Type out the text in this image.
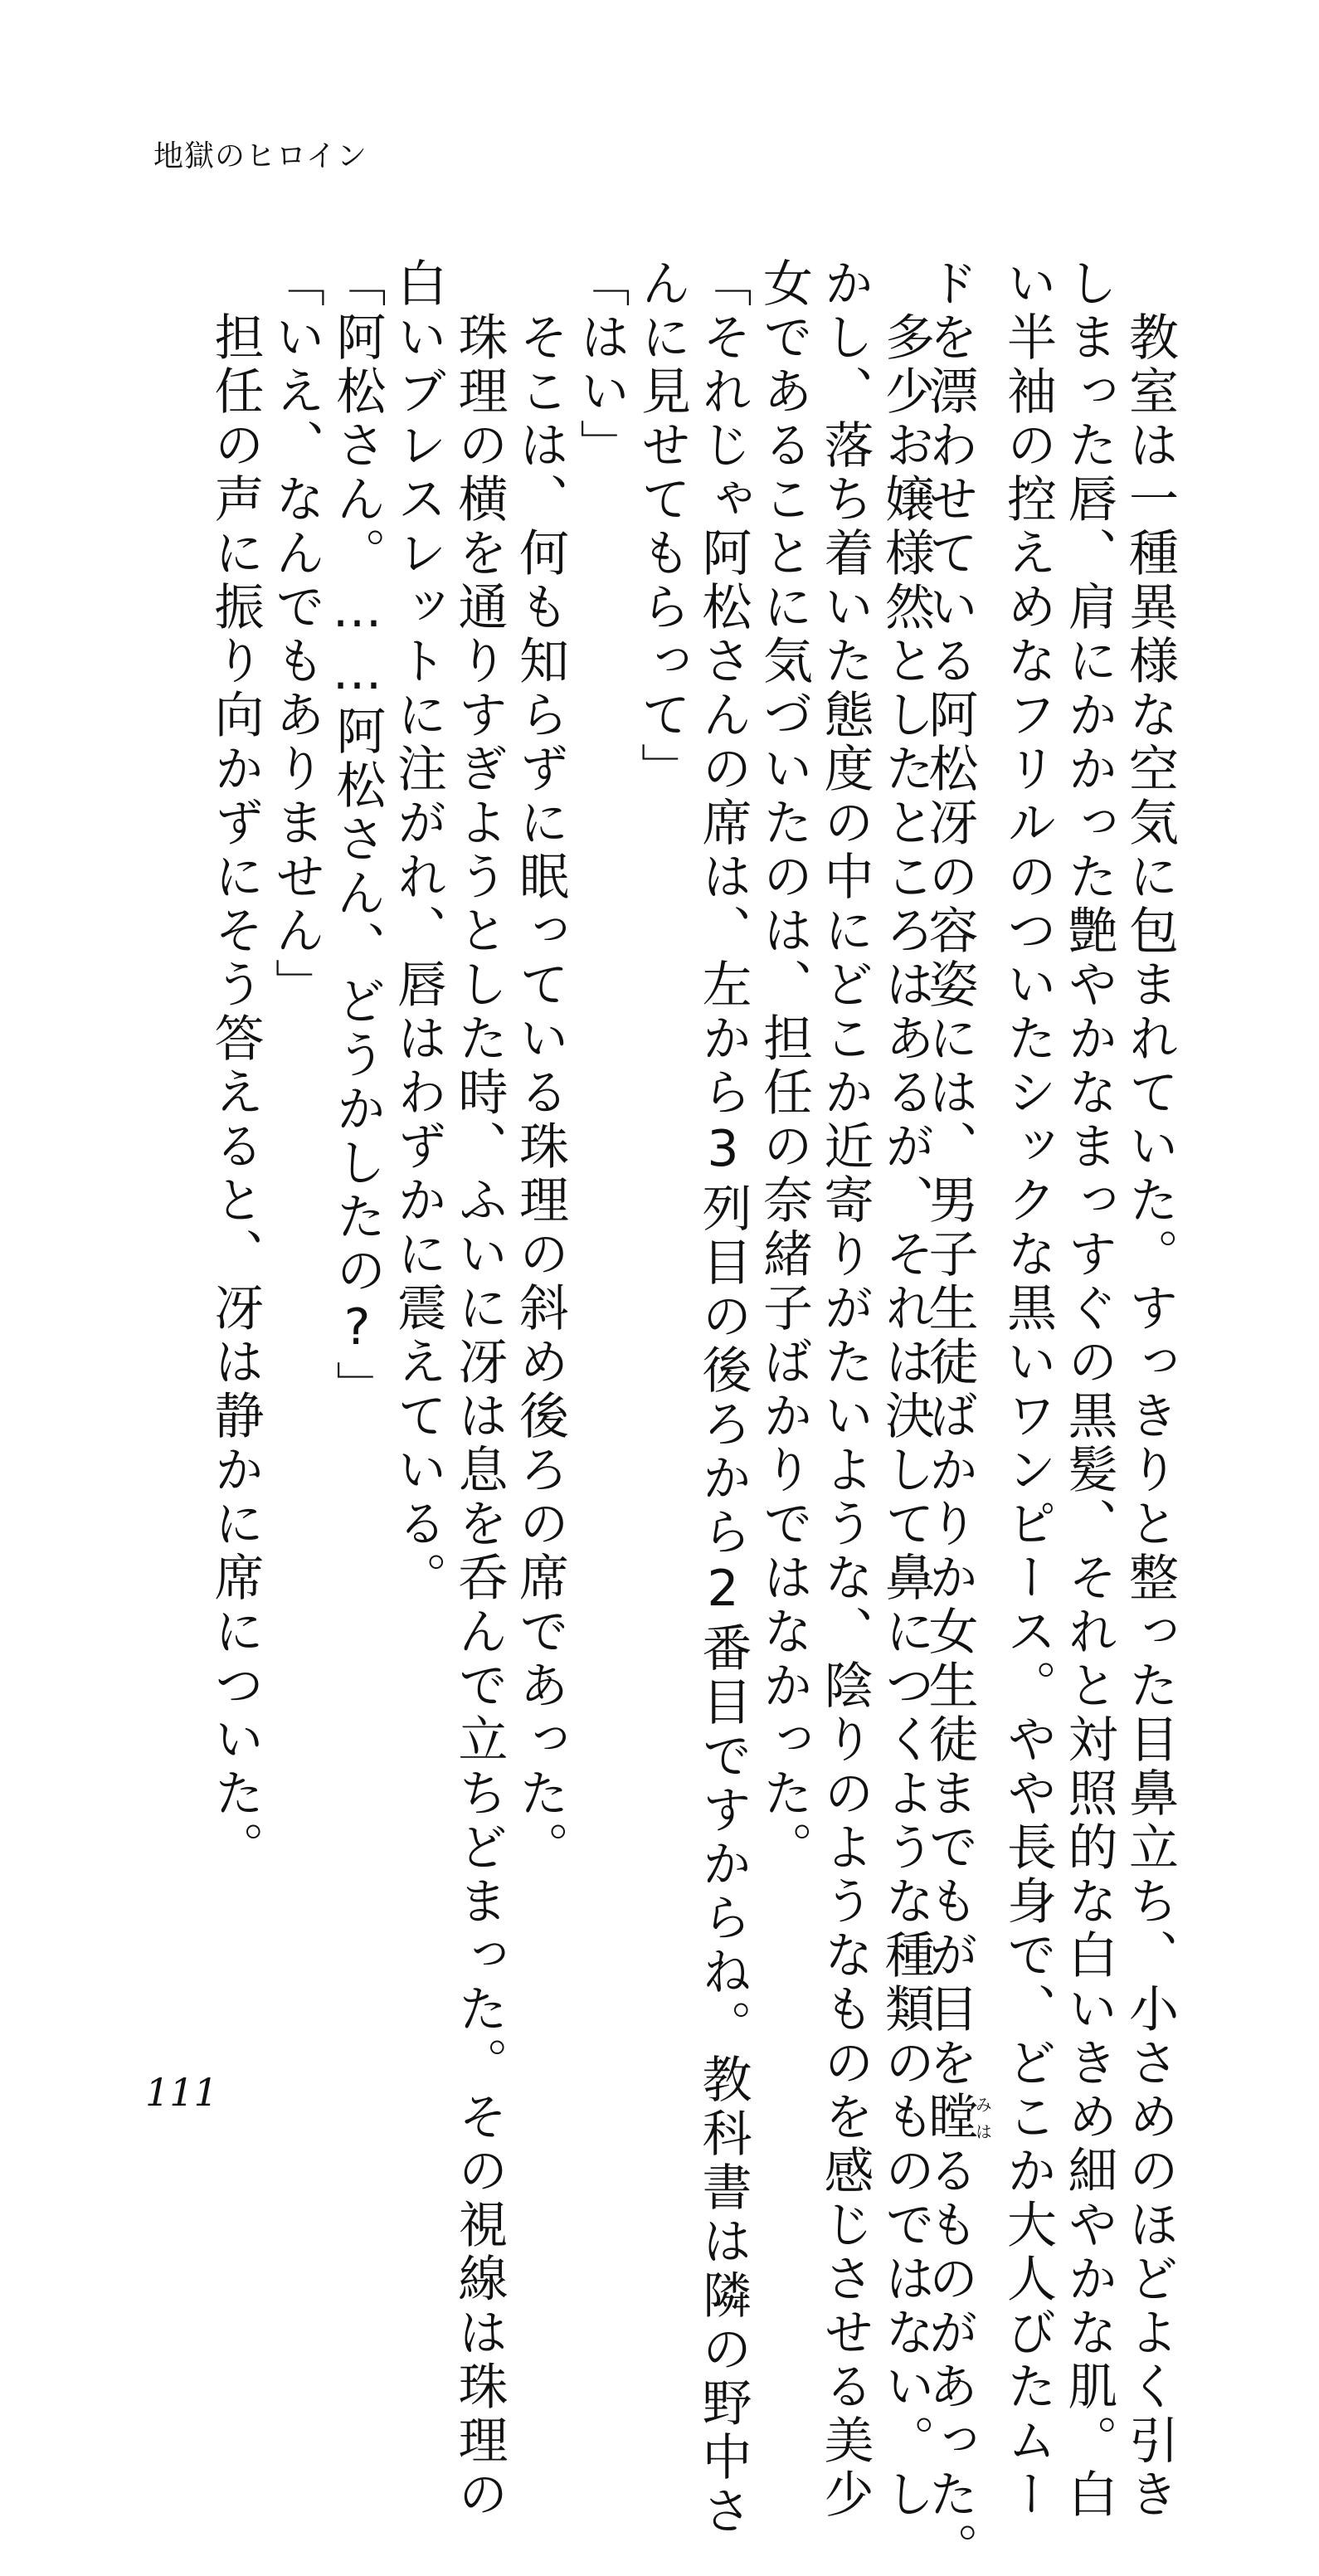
地獄のヒロイン
教室は一種異様な空気に包まれていた。すっきりと整った目鼻立ち、小さめのほどよく引き
しまった唇、肩にかかった艶やかなまっすぐの黒髪、それと対照的な白いきめ細やかな肌。白
い半袖の控えめなフリルのついたシックな黒いワンピース。やや長身で、どこか大人びたムー
ドを漂わせている阿松冴の容姿には、男子生徒ばかりか女生徒までもが目を瞠みはるものがあった。
多少お嬢様然としたところはあるが、それは決して鼻につくような種類のものではない。し
かし、落ち着いた態度の中にどこか近寄りがたいような、陰りのようなものを感じさせる美少
女であることに気づいたのは、担任の奈緒子ばかりではなかった。
「それじゃ阿松さんの席は、左から3列目の後ろから2番目ですからね。教科書は隣の野中さ
んに見せてもらって」
「はい」
そこは、何も知らずに眠っている珠理の斜め後ろの席であった。
珠理の横を通りすぎようとした時、ふいに冴は息を呑んで立ちどまった。その視線は珠理の
白いブレスレットに注がれ、唇はわずかに震えている。
「阿松さん。……阿松さん、どうかしたの?」
「いえ、なんでもありません」
担任の声に振り向かずにそう答えると、冴は静かに席についた。
111
